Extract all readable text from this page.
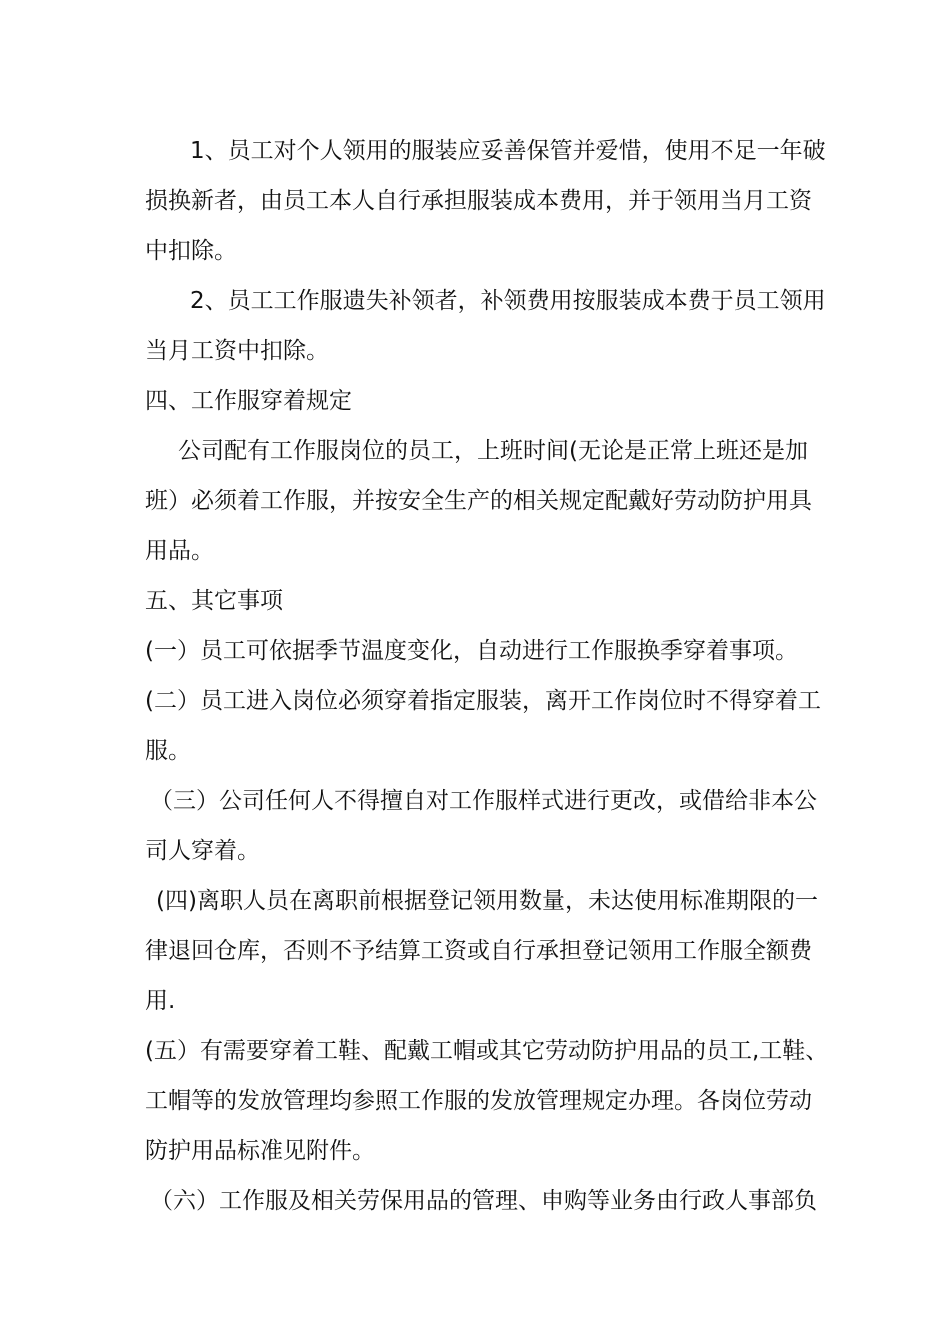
1、员工对个人领用的服装应妥善保管并爱惜，使用不足一年破
损换新者，由员工本人自行承担服装成本费用，并于领用当月工资
中扣除。
2、员工工作服遗失补领者，补领费用按服装成本费于员工领用
当月工资中扣除。
四、工作服穿着规定
公司配有工作服岗位的员工，上班时间(无论是正常上班还是加
班）必须着工作服，并按安全生产的相关规定配戴好劳动防护用具
用品。
五、其它事项
(一）员工可依据季节温度变化，自动进行工作服换季穿着事项。
(二）员工进入岗位必须穿着指定服装，离开工作岗位时不得穿着工
服。
（三）公司任何人不得擅自对工作服样式进行更改，或借给非本公
司人穿着。
(四)离职人员在离职前根据登记领用数量，未达使用标准期限的一
律退回仓库，否则不予结算工资或自行承担登记领用工作服全额费
用.
(五）有需要穿着工鞋、配戴工帽或其它劳动防护用品的员工,工鞋、
工帽等的发放管理均参照工作服的发放管理规定办理。各岗位劳动
防护用品标准见附件。
（六）工作服及相关劳保用品的管理、申购等业务由行政人事部负
